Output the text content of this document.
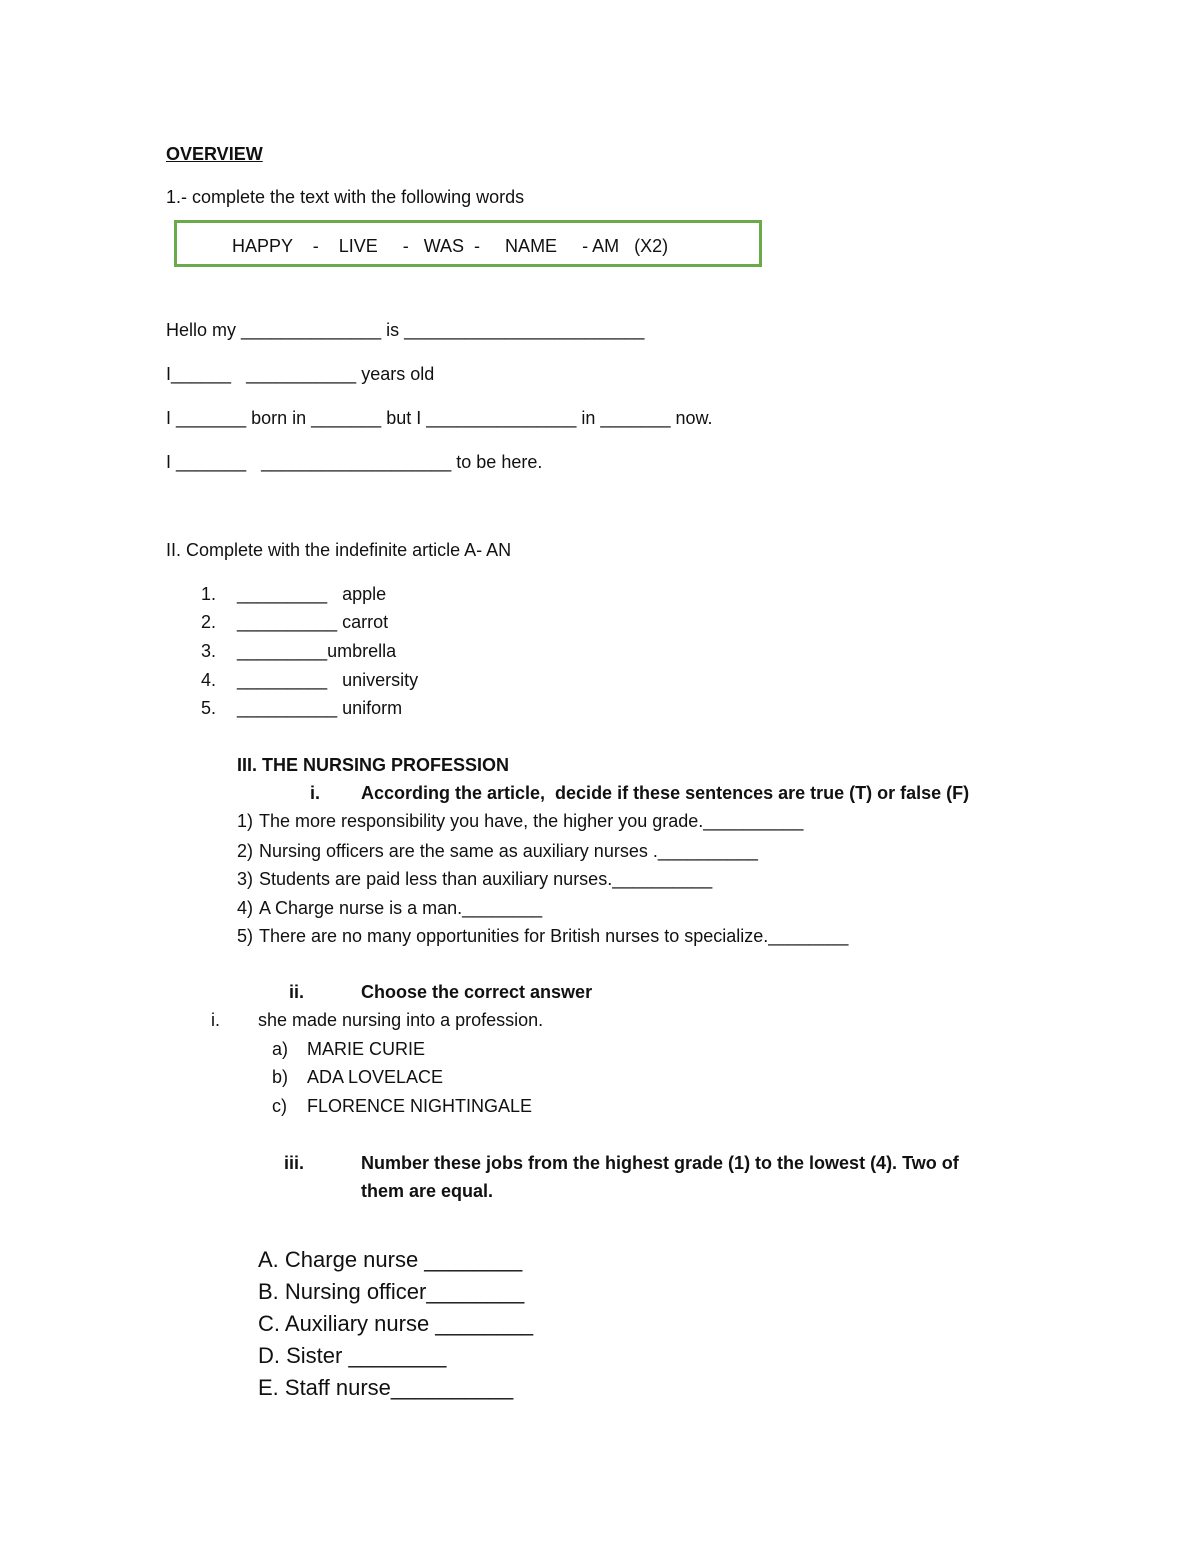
OVERVIEW
1.- complete the text with the following words
HAPPY    -    LIVE     -   WAS  -     NAME     - AM   (X2)
Hello my ______________ is ________________________
I______   ___________ years old
I _______ born in _______ but I _______________ in _______ now.
I _______   ___________________ to be here.
II. Complete with the indefinite article A- AN
1. _________   apple
2. __________ carrot
3. _________umbrella
4. _________   university
5. __________ uniform
III. THE NURSING PROFESSION
i. According the article,  decide if these sentences are true (T) or false (F)
1) The more responsibility you have, the higher you grade.__________
2) Nursing officers are the same as auxiliary nurses .__________
3) Students are paid less than auxiliary nurses.__________
4) A Charge nurse is a man.________
5) There are no many opportunities for British nurses to specialize.________
ii.	Choose the correct answer
i. she made nursing into a profession.
a) MARIE CURIE
b) ADA LOVELACE
c) FLORENCE NIGHTINGALE
iii.	Number these jobs from the highest grade (1) to the lowest (4). Two of
them are equal.
A. Charge nurse ________
B. Nursing officer________
C. Auxiliary nurse ________
D. Sister ________
E. Staff nurse__________
